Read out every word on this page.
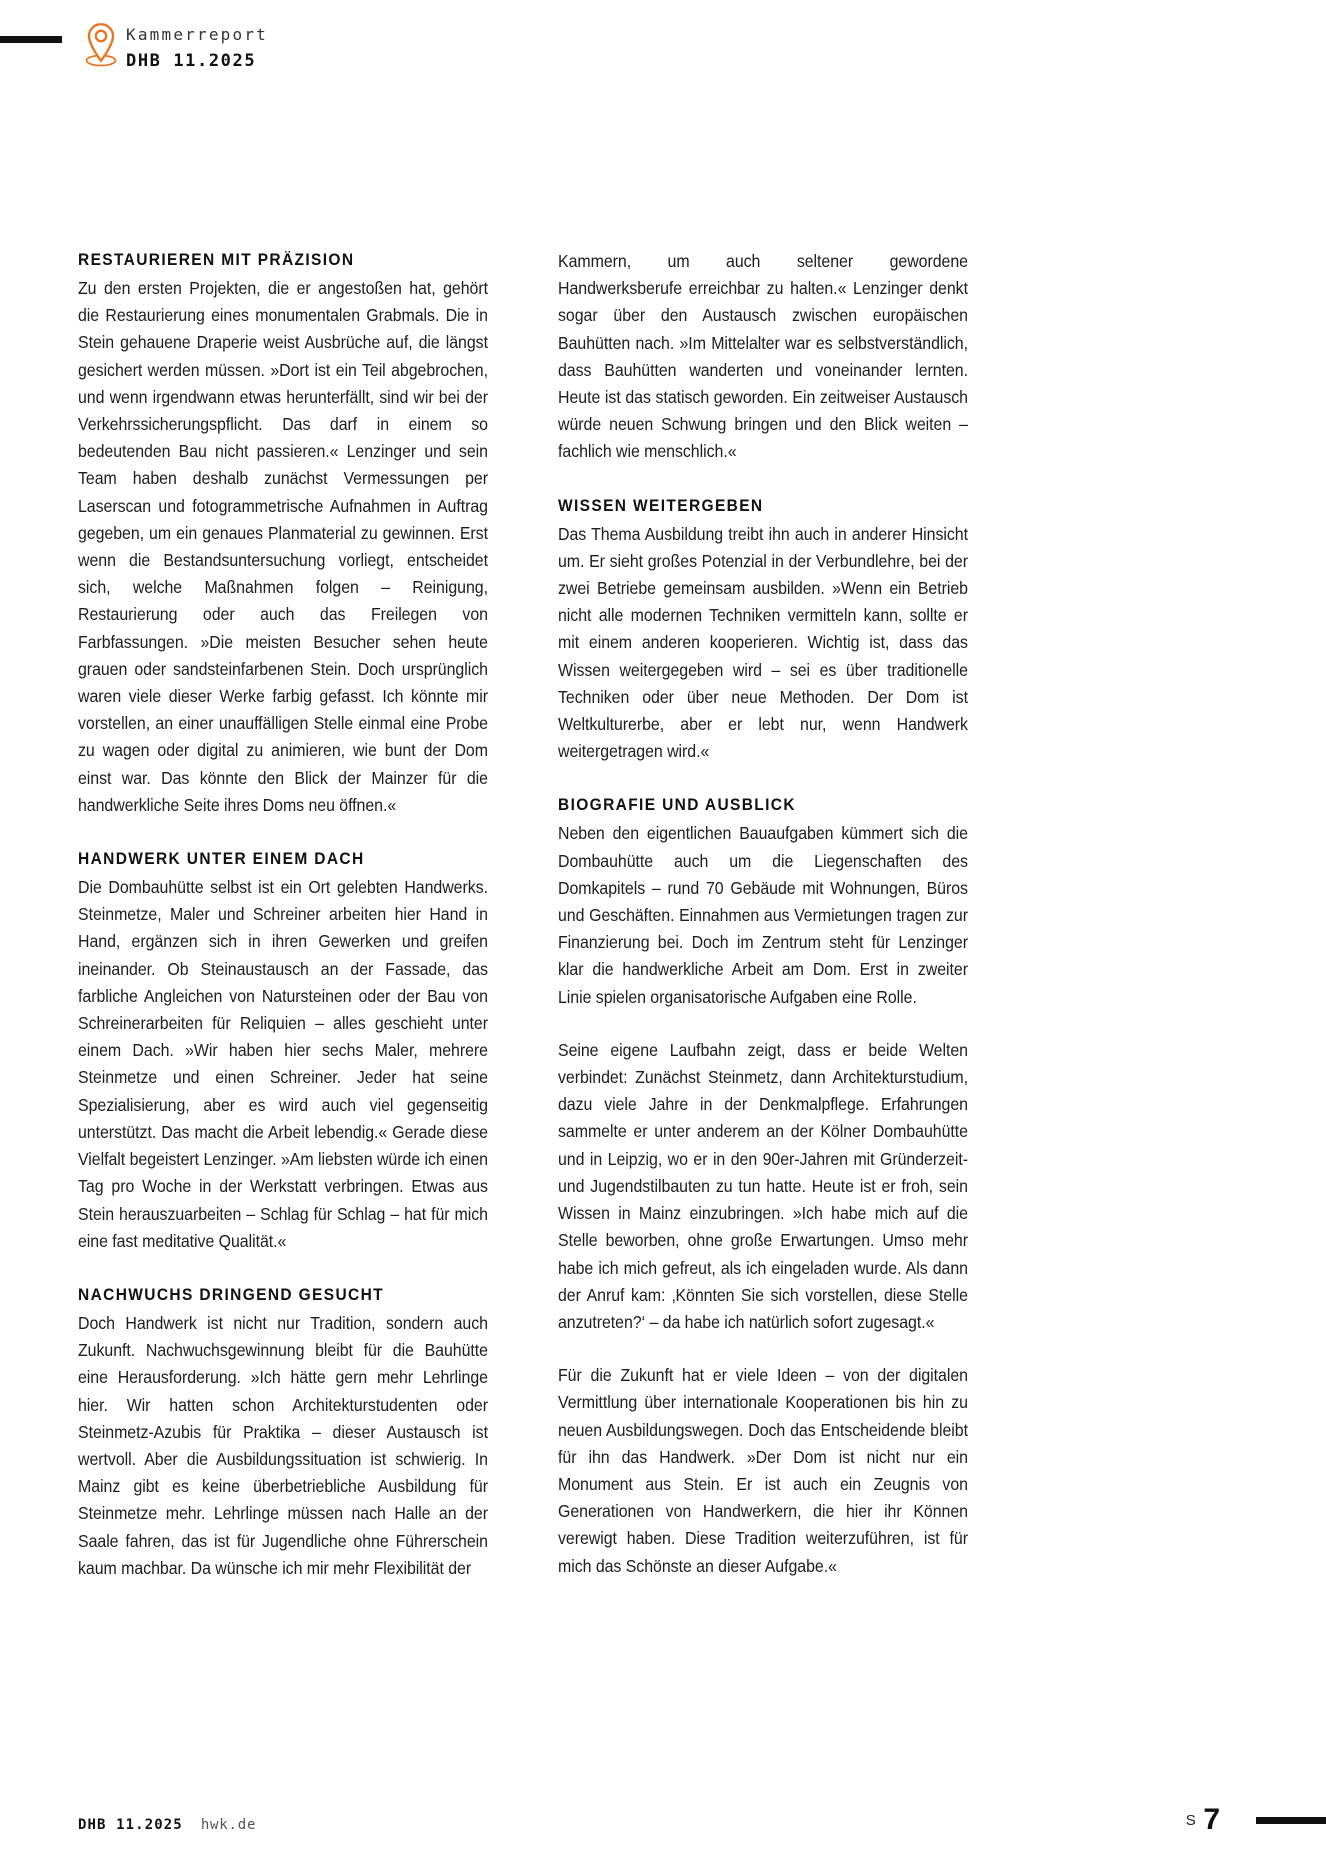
Kammerreport
DHB 11.2025
RESTAURIEREN MIT PRÄZISION

Zu den ersten Projekten, die er angestoßen hat, gehört die Restaurierung eines monumentalen Grabmals. Die in Stein gehauene Draperie weist Ausbrüche auf, die längst gesichert werden müssen. »Dort ist ein Teil abgebrochen, und wenn irgendwann etwas herunterfällt, sind wir bei der Verkehrssicherungspflicht. Das darf in einem so bedeutenden Bau nicht passieren.« Lenzinger und sein Team haben deshalb zunächst Vermessungen per Laserscan und fotogrammetrische Aufnahmen in Auftrag gegeben, um ein genaues Planmaterial zu gewinnen. Erst wenn die Bestandsuntersuchung vorliegt, entscheidet sich, welche Maßnahmen folgen – Reinigung, Restaurierung oder auch das Freilegen von Farbfassungen. »Die meisten Besucher sehen heute grauen oder sandsteinfarbenen Stein. Doch ursprünglich waren viele dieser Werke farbig gefasst. Ich könnte mir vorstellen, an einer unauffälligen Stelle einmal eine Probe zu wagen oder digital zu animieren, wie bunt der Dom einst war. Das könnte den Blick der Mainzer für die handwerkliche Seite ihres Doms neu öffnen.«

HANDWERK UNTER EINEM DACH

Die Dombauhütte selbst ist ein Ort gelebten Handwerks. Steinmetze, Maler und Schreiner arbeiten hier Hand in Hand, ergänzen sich in ihren Gewerken und greifen ineinander. Ob Steinaustausch an der Fassade, das farbliche Angleichen von Natursteinen oder der Bau von Schreinerarbeiten für Reliquien – alles geschieht unter einem Dach. »Wir haben hier sechs Maler, mehrere Steinmetze und einen Schreiner. Jeder hat seine Spezialisierung, aber es wird auch viel gegenseitig unterstützt. Das macht die Arbeit lebendig.« Gerade diese Vielfalt begeistert Lenzinger. »Am liebsten würde ich einen Tag pro Woche in der Werkstatt verbringen. Etwas aus Stein herauszuarbeiten – Schlag für Schlag – hat für mich eine fast meditative Qualität.«

NACHWUCHS DRINGEND GESUCHT

Doch Handwerk ist nicht nur Tradition, sondern auch Zukunft. Nachwuchsgewinnung bleibt für die Bauhütte eine Herausforderung. »Ich hätte gern mehr Lehrlinge hier. Wir hatten schon Architekturstudenten oder Steinmetz-Azubis für Praktika – dieser Austausch ist wertvoll. Aber die Ausbildungssituation ist schwierig. In Mainz gibt es keine überbetriebliche Ausbildung für Steinmetze mehr. Lehrlinge müssen nach Halle an der Saale fahren, das ist für Jugendliche ohne Führerschein kaum machbar. Da wünsche ich mir mehr Flexibilität der

Kammern, um auch seltener gewordene Handwerksberufe erreichbar zu halten.« Lenzinger denkt sogar über den Austausch zwischen europäischen Bauhütten nach. »Im Mittelalter war es selbstverständlich, dass Bauhütten wanderten und voneinander lernten. Heute ist das statisch geworden. Ein zeitweiser Austausch würde neuen Schwung bringen und den Blick weiten – fachlich wie menschlich.«

WISSEN WEITERGEBEN

Das Thema Ausbildung treibt ihn auch in anderer Hinsicht um. Er sieht großes Potenzial in der Verbundlehre, bei der zwei Betriebe gemeinsam ausbilden. »Wenn ein Betrieb nicht alle modernen Techniken vermitteln kann, sollte er mit einem anderen kooperieren. Wichtig ist, dass das Wissen weitergegeben wird – sei es über traditionelle Techniken oder über neue Methoden. Der Dom ist Weltkulturerbe, aber er lebt nur, wenn Handwerk weitergetragen wird.«

BIOGRAFIE UND AUSBLICK

Neben den eigentlichen Bauaufgaben kümmert sich die Dombauhütte auch um die Liegenschaften des Domkapitels – rund 70 Gebäude mit Wohnungen, Büros und Geschäften. Einnahmen aus Vermietungen tragen zur Finanzierung bei. Doch im Zentrum steht für Lenzinger klar die handwerkliche Arbeit am Dom. Erst in zweiter Linie spielen organisatorische Aufgaben eine Rolle.

Seine eigene Laufbahn zeigt, dass er beide Welten verbindet: Zunächst Steinmetz, dann Architekturstudium, dazu viele Jahre in der Denkmalpflege. Erfahrungen sammelte er unter anderem an der Kölner Dombauhütte und in Leipzig, wo er in den 90er-Jahren mit Gründerzeit- und Jugendstilbauten zu tun hatte. Heute ist er froh, sein Wissen in Mainz einzubringen. »Ich habe mich auf die Stelle beworben, ohne große Erwartungen. Umso mehr habe ich mich gefreut, als ich eingeladen wurde. Als dann der Anruf kam: ‚Könnten Sie sich vorstellen, diese Stelle anzutreten?‘ – da habe ich natürlich sofort zugesagt.«

Für die Zukunft hat er viele Ideen – von der digitalen Vermittlung über internationale Kooperationen bis hin zu neuen Ausbildungswegen. Doch das Entscheidende bleibt für ihn das Handwerk. »Der Dom ist nicht nur ein Monument aus Stein. Er ist auch ein Zeugnis von Generationen von Handwerkern, die hier ihr Können verewigt haben. Diese Tradition weiterzuführen, ist für mich das Schönste an dieser Aufgabe.«

DHB 11.2025 hwk.de	S 7
